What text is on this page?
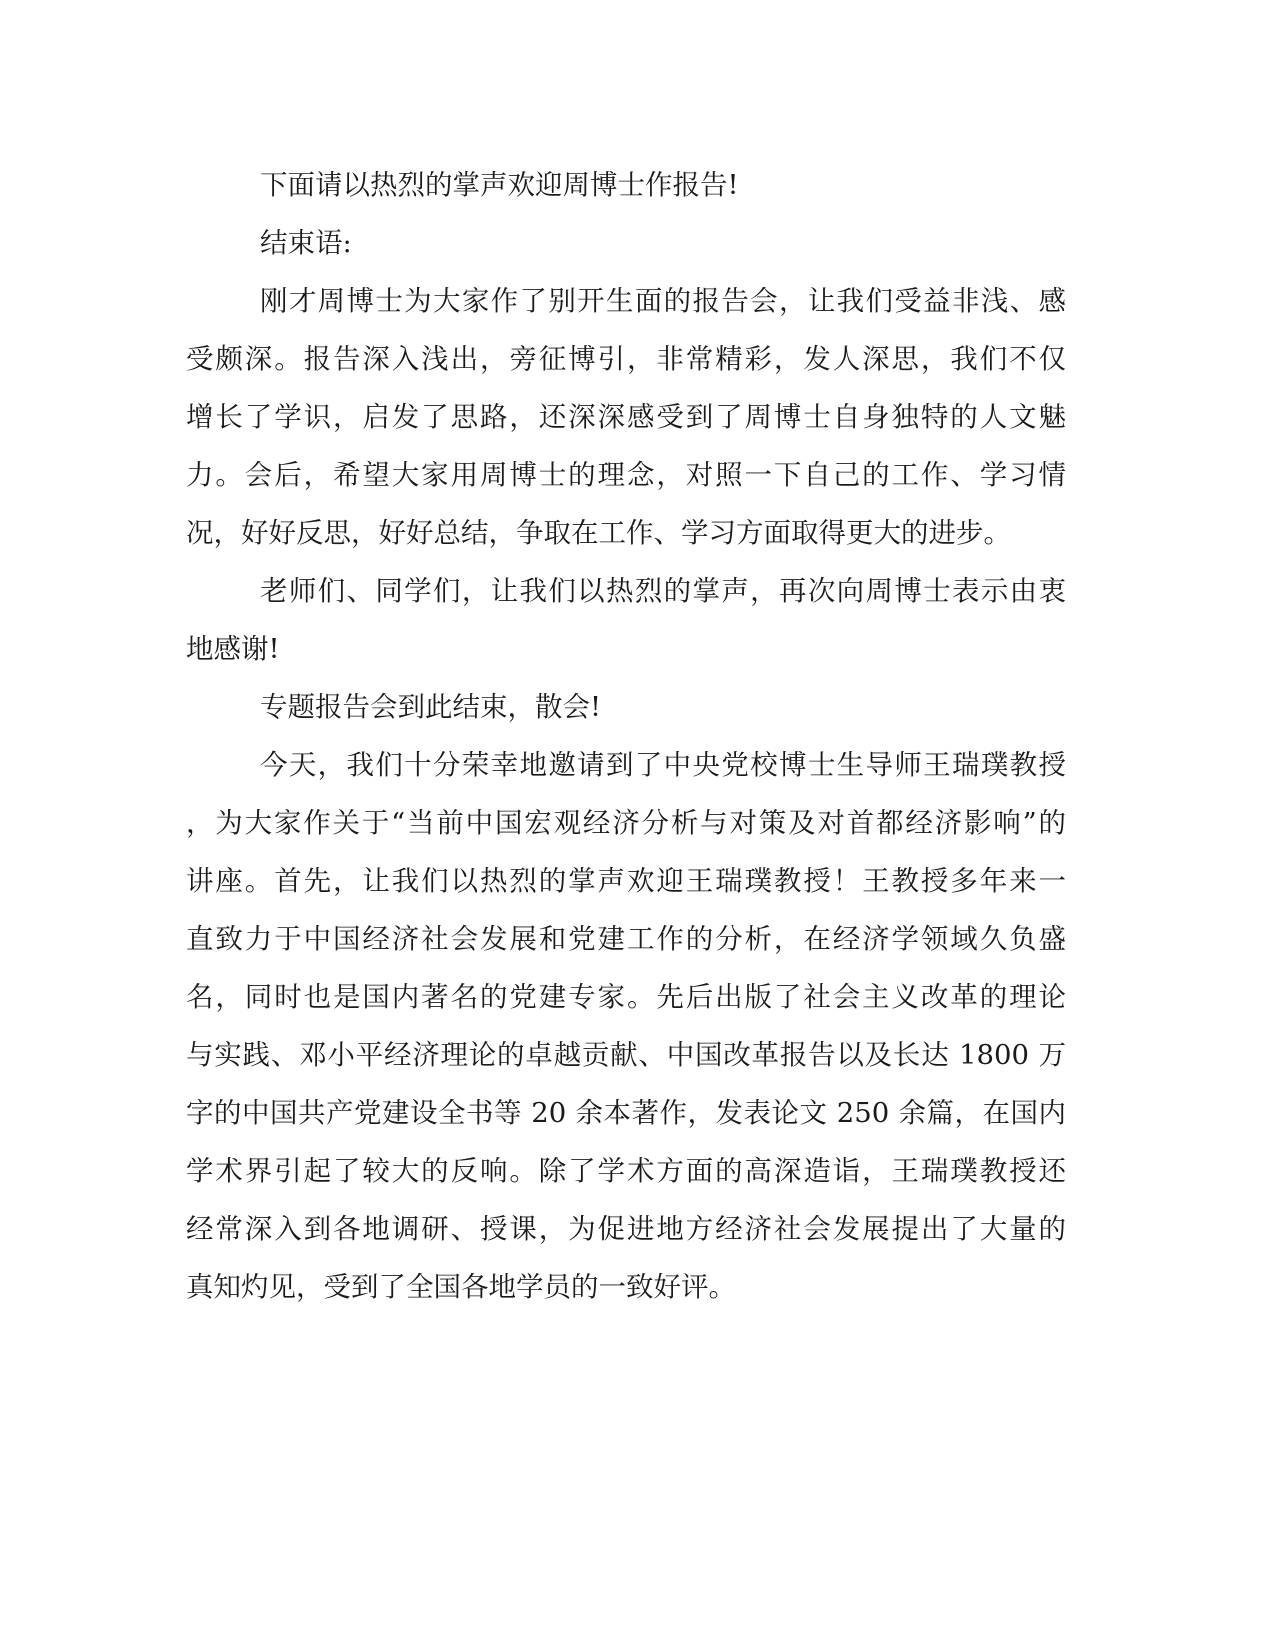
下面请以热烈的掌声欢迎周博士作报告!
结束语:
刚才周博士为大家作了别开生面的报告会，让我们受益非浅、感
受颇深。报告深入浅出，旁征博引，非常精彩，发人深思，我们不仅
增长了学识，启发了思路，还深深感受到了周博士自身独特的人文魅
力。会后，希望大家用周博士的理念，对照一下自己的工作、学习情
况，好好反思，好好总结，争取在工作、学习方面取得更大的进步。
老师们、同学们，让我们以热烈的掌声，再次向周博士表示由衷
地感谢!
专题报告会到此结束，散会!
今天，我们十分荣幸地邀请到了中央党校博士生导师王瑞璞教授
，为大家作关于“当前中国宏观经济分析与对策及对首都经济影响”的
讲座。首先，让我们以热烈的掌声欢迎王瑞璞教授！王教授多年来一
直致力于中国经济社会发展和党建工作的分析，在经济学领域久负盛
名，同时也是国内著名的党建专家。先后出版了社会主义改革的理论
与实践、邓小平经济理论的卓越贡献、中国改革报告以及长达 1800 万
字的中国共产党建设全书等 20 余本著作，发表论文 250 余篇，在国内
学术界引起了较大的反响。除了学术方面的高深造诣，王瑞璞教授还
经常深入到各地调研、授课，为促进地方经济社会发展提出了大量的
真知灼见，受到了全国各地学员的一致好评。
